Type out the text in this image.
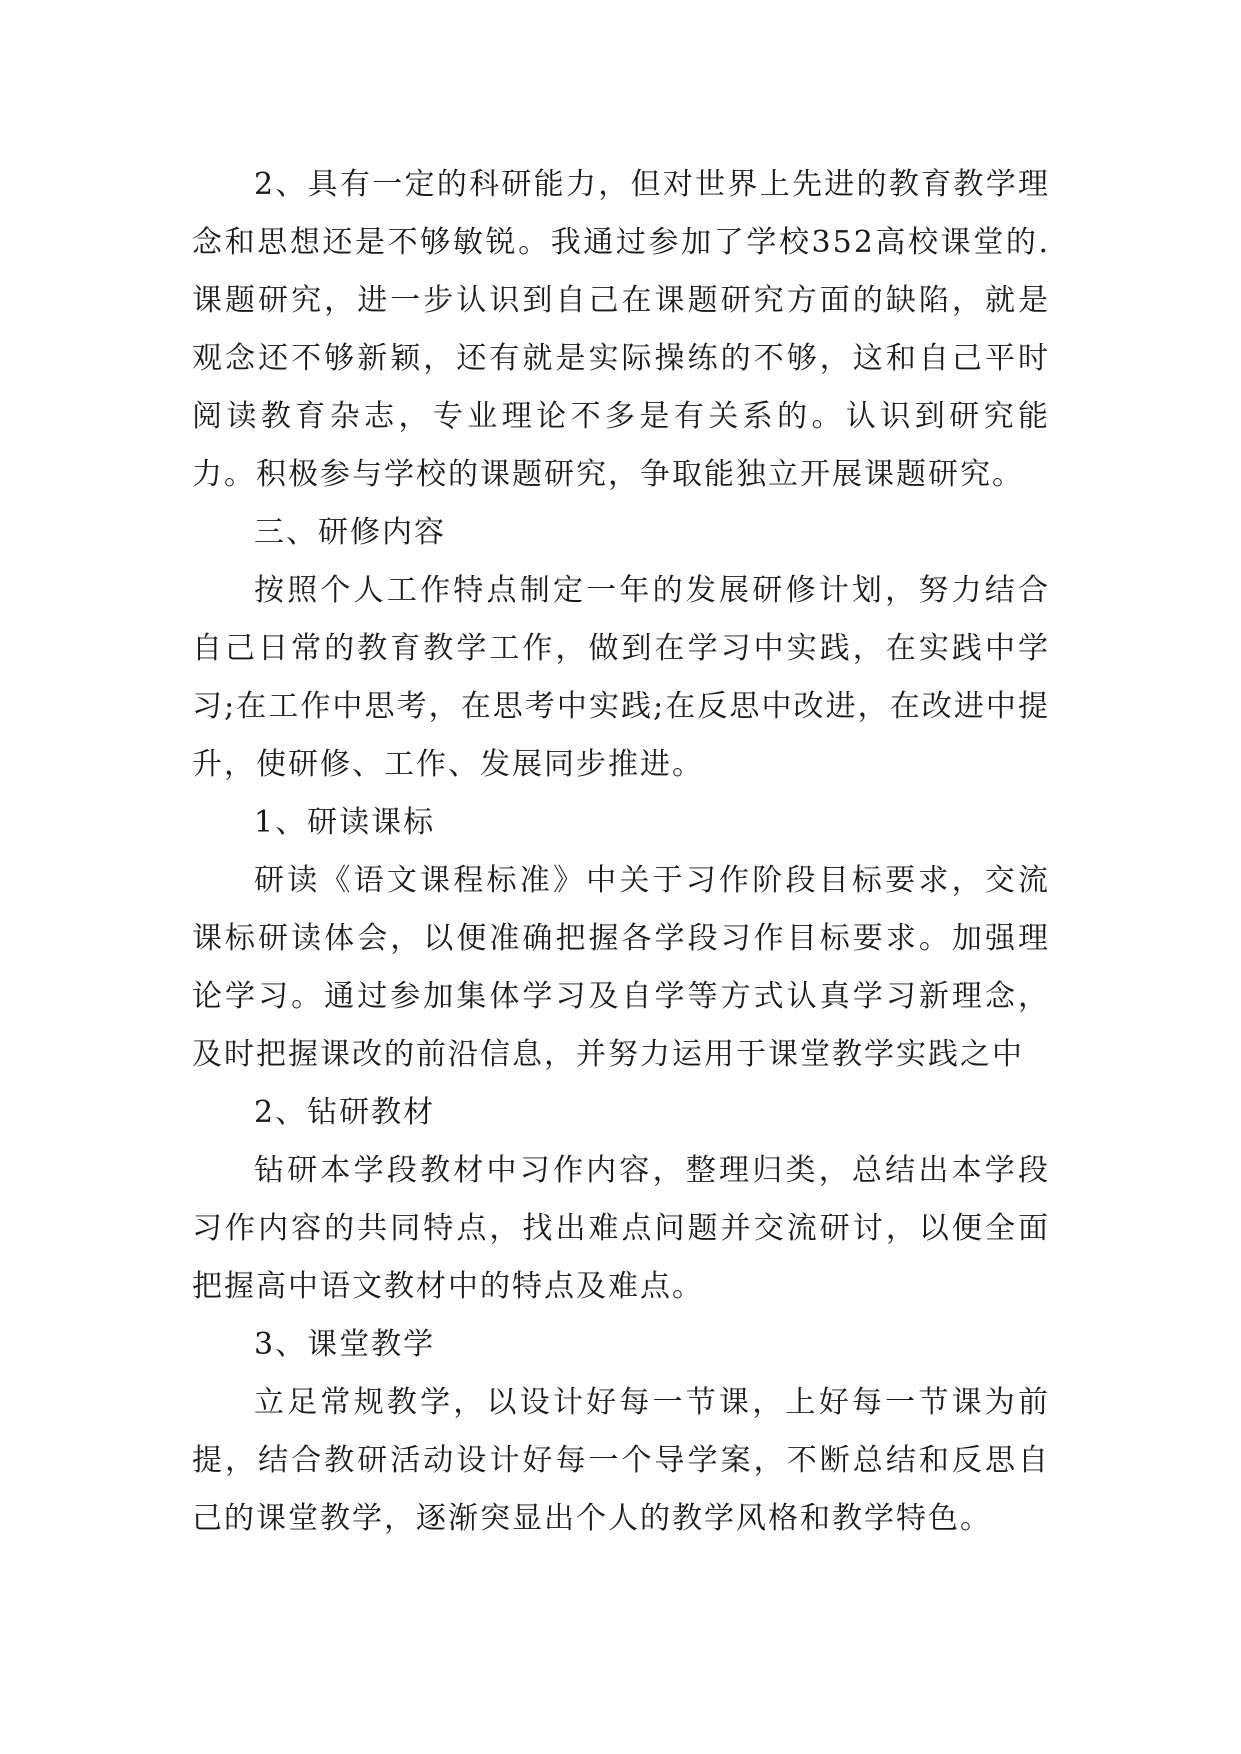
2、具有一定的科研能力，但对世界上先进的教育教学理念和思想还是不够敏锐。我通过参加了学校352高校课堂的.课题研究，进一步认识到自己在课题研究方面的缺陷，就是观念还不够新颖，还有就是实际操练的不够，这和自己平时阅读教育杂志，专业理论不多是有关系的。认识到研究能力。积极参与学校的课题研究，争取能独立开展课题研究。

三、研修内容

按照个人工作特点制定一年的发展研修计划，努力结合自己日常的教育教学工作，做到在学习中实践，在实践中学习;在工作中思考，在思考中实践;在反思中改进，在改进中提升，使研修、工作、发展同步推进。

1、研读课标

研读《语文课程标准》中关于习作阶段目标要求，交流课标研读体会，以便准确把握各学段习作目标要求。加强理论学习。通过参加集体学习及自学等方式认真学习新理念，及时把握课改的前沿信息，并努力运用于课堂教学实践之中

2、钻研教材

钻研本学段教材中习作内容，整理归类，总结出本学段习作内容的共同特点，找出难点问题并交流研讨，以便全面把握高中语文教材中的特点及难点。

3、课堂教学

立足常规教学，以设计好每一节课，上好每一节课为前提，结合教研活动设计好每一个导学案，不断总结和反思自己的课堂教学，逐渐突显出个人的教学风格和教学特色。
